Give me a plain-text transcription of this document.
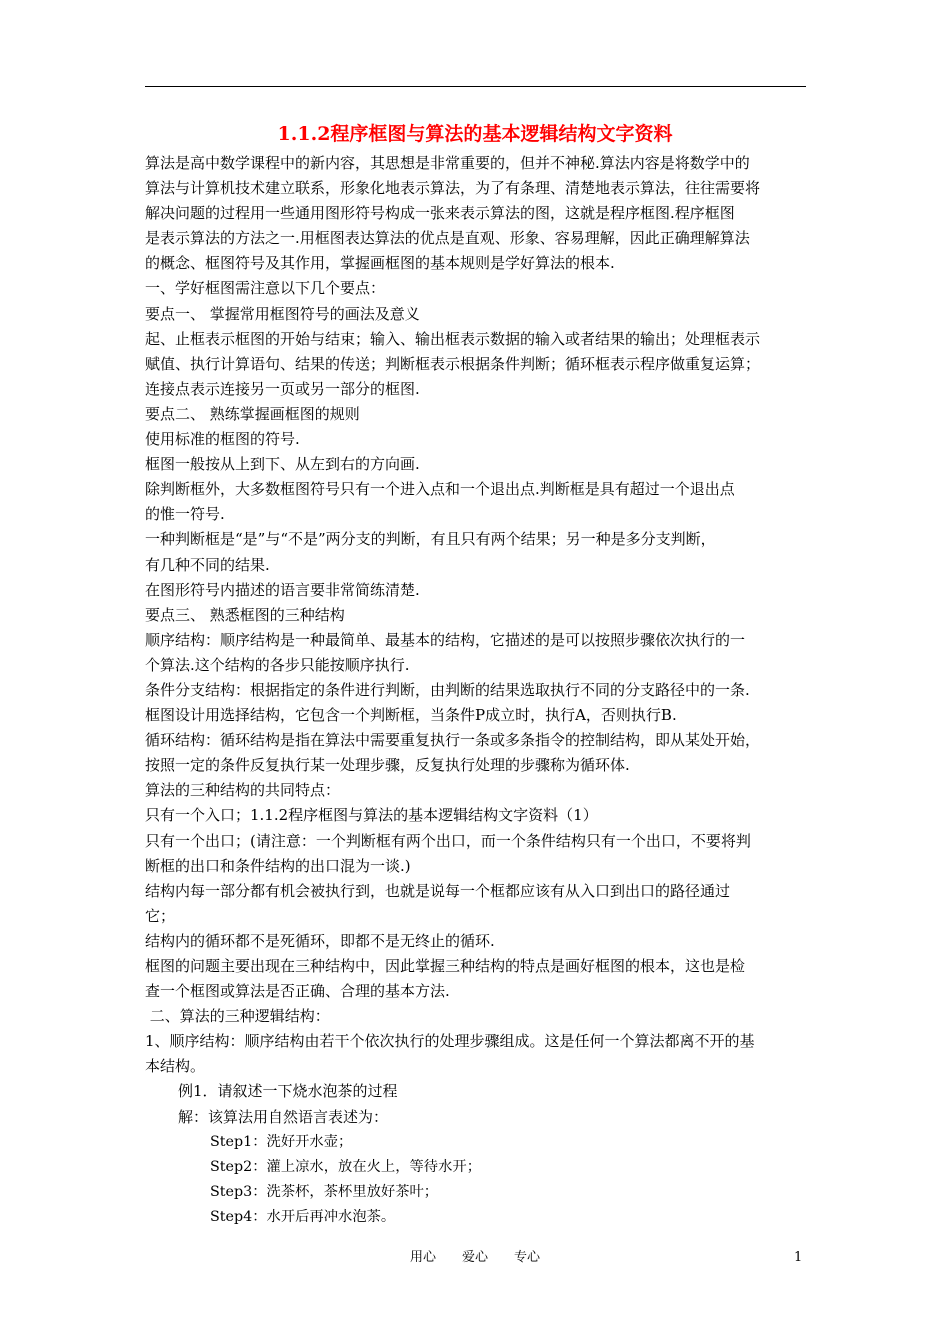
1.1.2程序框图与算法的基本逻辑结构文字资料
算法是高中数学课程中的新内容，其思想是非常重要的，但并不神秘.算法内容是将数学中的
算法与计算机技术建立联系，形象化地表示算法，为了有条理、清楚地表示算法，往往需要将
解决问题的过程用一些通用图形符号构成一张来表示算法的图，这就是程序框图.程序框图
是表示算法的方法之一.用框图表达算法的优点是直观、形象、容易理解，因此正确理解算法
的概念、框图符号及其作用，掌握画框图的基本规则是学好算法的根本.
一、学好框图需注意以下几个要点：
要点一、 掌握常用框图符号的画法及意义
起、止框表示框图的开始与结束；输入、输出框表示数据的输入或者结果的输出；处理框表示
赋值、执行计算语句、结果的传送；判断框表示根据条件判断；循环框表示程序做重复运算；
连接点表示连接另一页或另一部分的框图.
要点二、 熟练掌握画框图的规则
使用标准的框图的符号.
框图一般按从上到下、从左到右的方向画.
除判断框外，大多数框图符号只有一个进入点和一个退出点.判断框是具有超过一个退出点
的惟一符号.
一种判断框是“是”与“不是”两分支的判断，有且只有两个结果；另一种是多分支判断，
有几种不同的结果.
在图形符号内描述的语言要非常简练清楚.
要点三、 熟悉框图的三种结构
顺序结构：顺序结构是一种最简单、最基本的结构，它描述的是可以按照步骤依次执行的一
个算法.这个结构的各步只能按顺序执行.
条件分支结构：根据指定的条件进行判断，由判断的结果选取执行不同的分支路径中的一条.
框图设计用选择结构，它包含一个判断框，当条件P成立时，执行A，否则执行B.
循环结构：循环结构是指在算法中需要重复执行一条或多条指令的控制结构，即从某处开始，
按照一定的条件反复执行某一处理步骤，反复执行处理的步骤称为循环体.
算法的三种结构的共同特点：
只有一个入口；1.1.2程序框图与算法的基本逻辑结构文字资料（1）
只有一个出口；(请注意：一个判断框有两个出口，而一个条件结构只有一个出口，不要将判
断框的出口和条件结构的出口混为一谈.)
结构内每一部分都有机会被执行到，也就是说每一个框都应该有从入口到出口的路径通过
它；
结构内的循环都不是死循环，即都不是无终止的循环.
框图的问题主要出现在三种结构中，因此掌握三种结构的特点是画好框图的根本，这也是检
查一个框图或算法是否正确、合理的基本方法.
二、算法的三种逻辑结构：
1、顺序结构：顺序结构由若干个依次执行的处理步骤组成。这是任何一个算法都离不开的基
本结构。
例1．请叙述一下烧水泡茶的过程
解：该算法用自然语言表述为：
Step1：洗好开水壶；
Step2：灌上凉水，放在火上，等待水开；
Step3：洗茶杯，茶杯里放好茶叶；
Step4：水开后再冲水泡茶。
用心　　爱心　　专心	1
